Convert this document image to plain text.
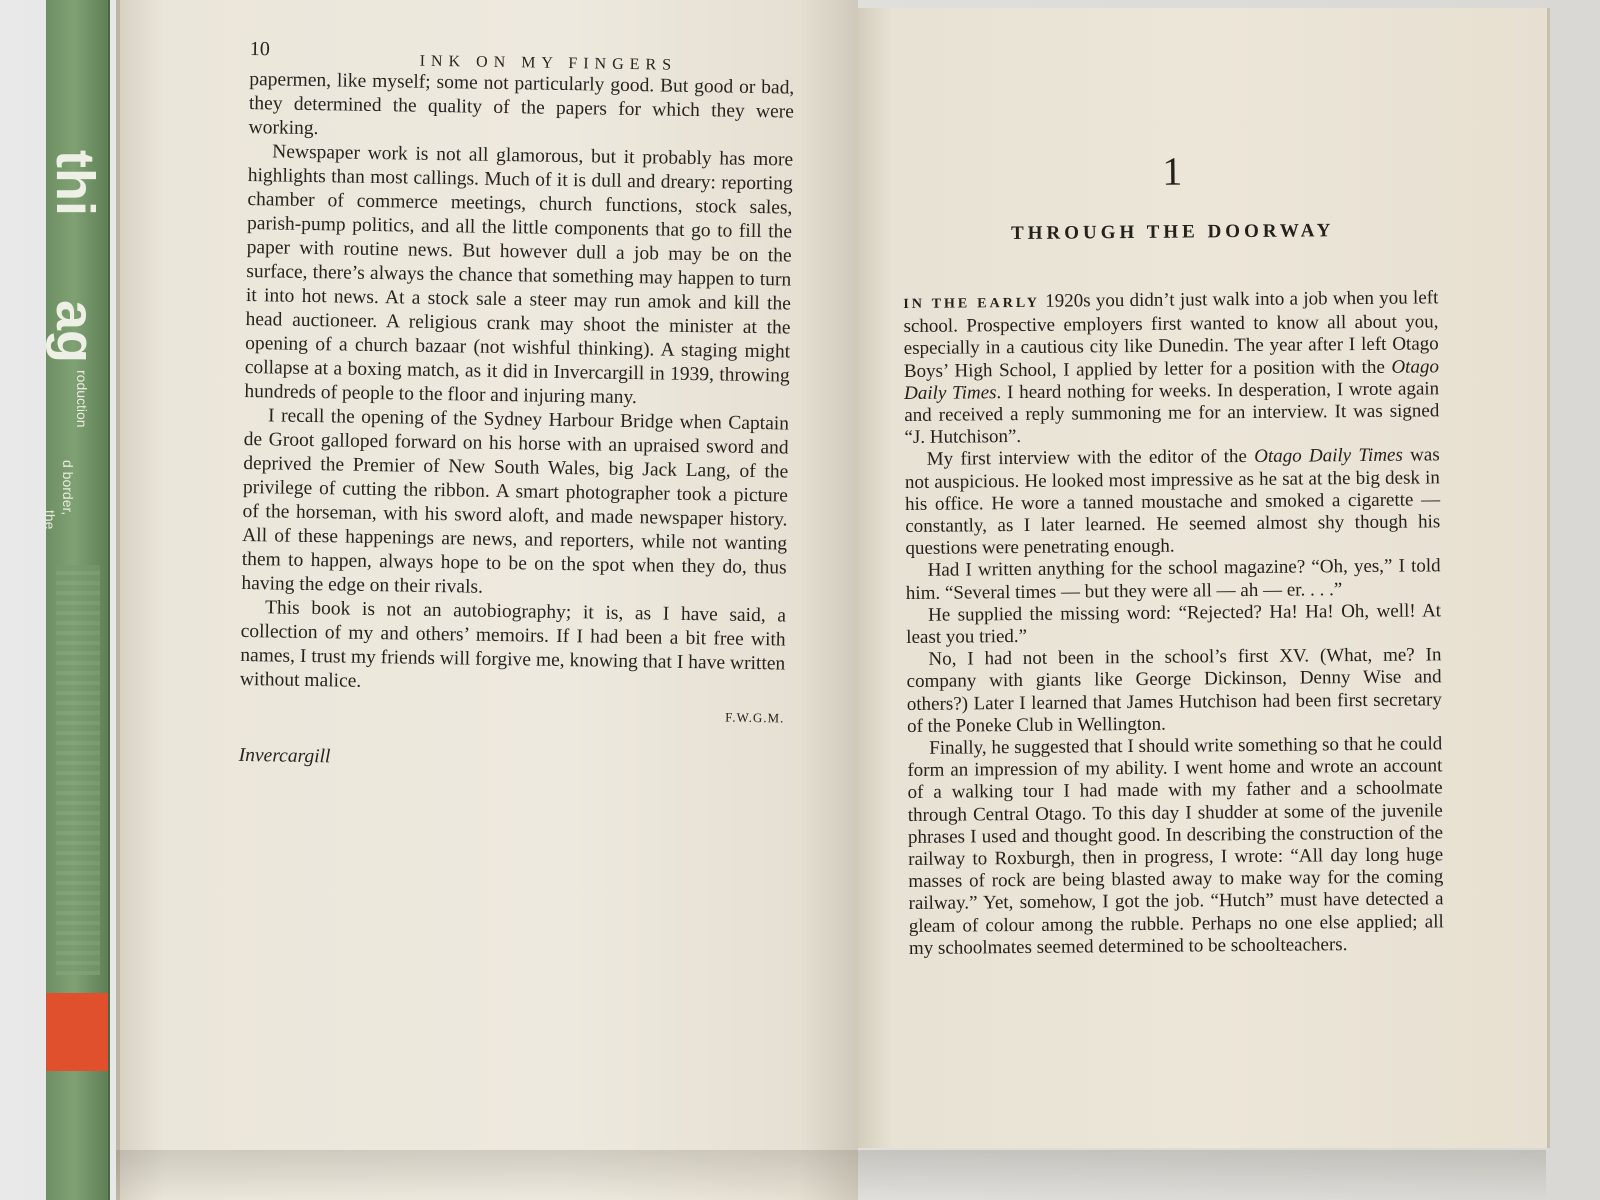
thi
ag
roduction
d border,
the
10
INK ON MY FINGERS

papermen, like myself; some not particularly good. But good or bad, they determined the quality of the papers for which they were working.

Newspaper work is not all glamorous, but it probably has more highlights than most callings. Much of it is dull and dreary: reporting chamber of commerce meetings, church functions, stock sales, parish-pump politics, and all the little components that go to fill the paper with routine news. But however dull a job may be on the surface, there’s always the chance that something may happen to turn it into hot news. At a stock sale a steer may run amok and kill the head auctioneer. A religious crank may shoot the minister at the opening of a church bazaar (not wishful thinking). A staging might collapse at a boxing match, as it did in Invercargill in 1939, throwing hundreds of people to the floor and injuring many.

I recall the opening of the Sydney Harbour Bridge when Captain de Groot galloped forward on his horse with an upraised sword and deprived the Premier of New South Wales, big Jack Lang, of the privilege of cutting the ribbon. A smart photographer took a picture of the horseman, with his sword aloft, and made newspaper history. All of these happenings are news, and reporters, while not wanting them to happen, always hope to be on the spot when they do, thus having the edge on their rivals.

This book is not an autobiography; it is, as I have said, a collection of my and others’ memoirs. If I had been a bit free with names, I trust my friends will forgive me, knowing that I have written without malice.

F.W.G.M.

Invercargill

1
THROUGH THE DOORWAY

IN THE EARLY 1920s you didn’t just walk into a job when you left school. Prospective employers first wanted to know all about you, especially in a cautious city like Dunedin. The year after I left Otago Boys’ High School, I applied by letter for a position with the Otago Daily Times. I heard nothing for weeks. In desperation, I wrote again and received a reply summoning me for an interview. It was signed “J. Hutchison”.

My first interview with the editor of the Otago Daily Times was not auspicious. He looked most impressive as he sat at the big desk in his office. He wore a tanned moustache and smoked a cigarette — constantly, as I later learned. He seemed almost shy though his questions were penetrating enough.

Had I written anything for the school magazine? “Oh, yes,” I told him. “Several times — but they were all — ah — er. . . .”

He supplied the missing word: “Rejected? Ha! Ha! Oh, well! At least you tried.”

No, I had not been in the school’s first XV. (What, me? In company with giants like George Dickinson, Denny Wise and others?) Later I learned that James Hutchison had been first secretary of the Poneke Club in Wellington.

Finally, he suggested that I should write something so that he could form an impression of my ability. I went home and wrote an account of a walking tour I had made with my father and a schoolmate through Central Otago. To this day I shudder at some of the juvenile phrases I used and thought good. In describing the construction of the railway to Roxburgh, then in progress, I wrote: “All day long huge masses of rock are being blasted away to make way for the coming railway.” Yet, somehow, I got the job. “Hutch” must have detected a gleam of colour among the rubble. Perhaps no one else applied; all my schoolmates seemed determined to be schoolteachers.
